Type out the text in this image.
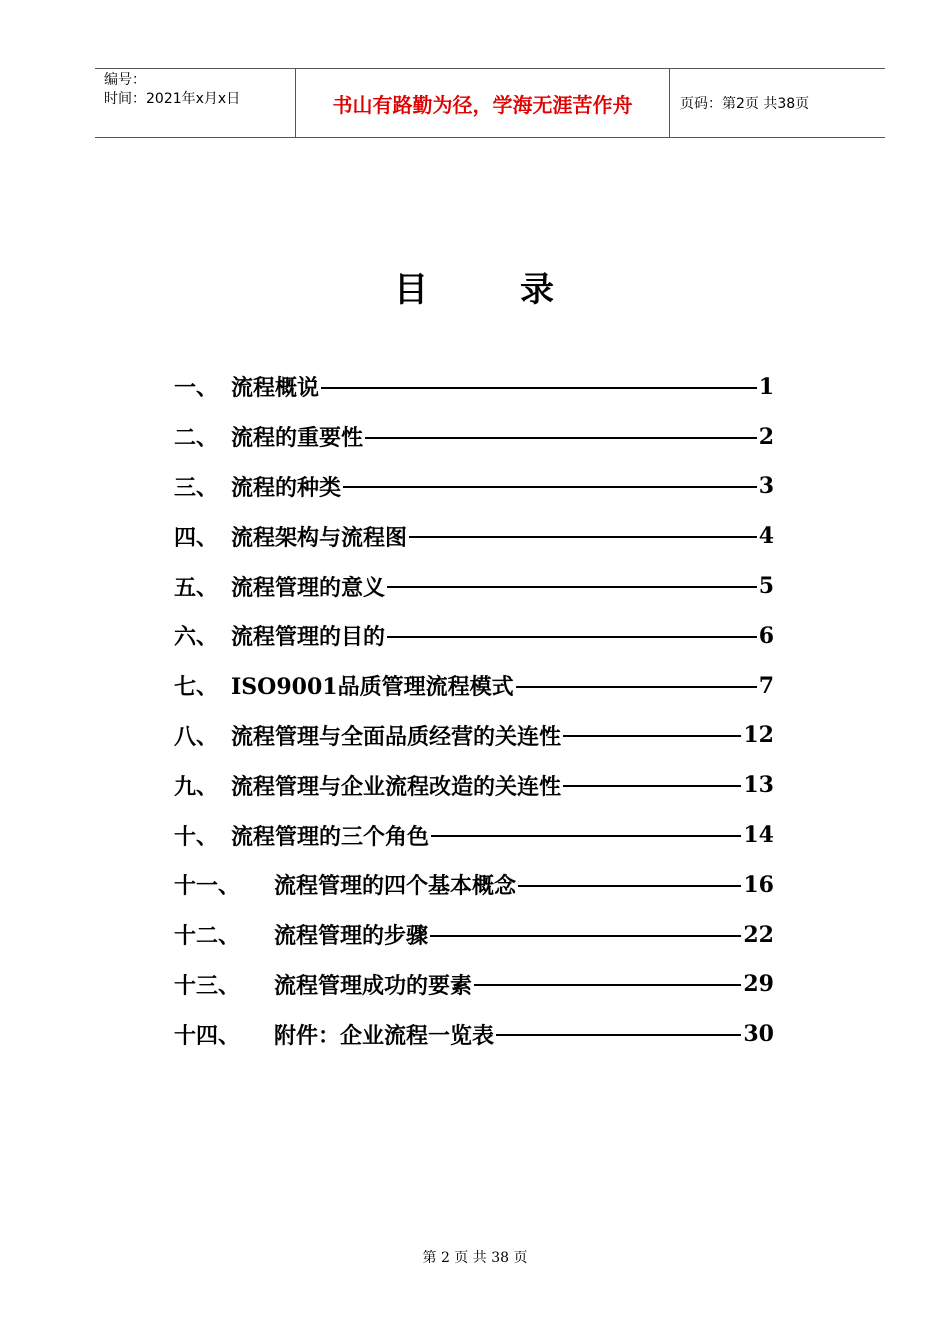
编号：
时间：2021年x月x日	书山有路勤为径，学海无涯苦作舟	页码：第2页 共38页
目	录
一、 流程概说	1
二、 流程的重要性	2
三、 流程的种类	3
四、 流程架构与流程图	4
五、 流程管理的意义	5
六、 流程管理的目的	6
七、 ISO9001品质管理流程模式	7
八、 流程管理与全面品质经营的关连性	12
九、 流程管理与企业流程改造的关连性	13
十、 流程管理的三个角色	14
十一、	流程管理的四个基本概念	16
十二、	流程管理的步骤	22
十三、	流程管理成功的要素	29
十四、	附件：企业流程一览表	30
第 2 页 共 38 页
